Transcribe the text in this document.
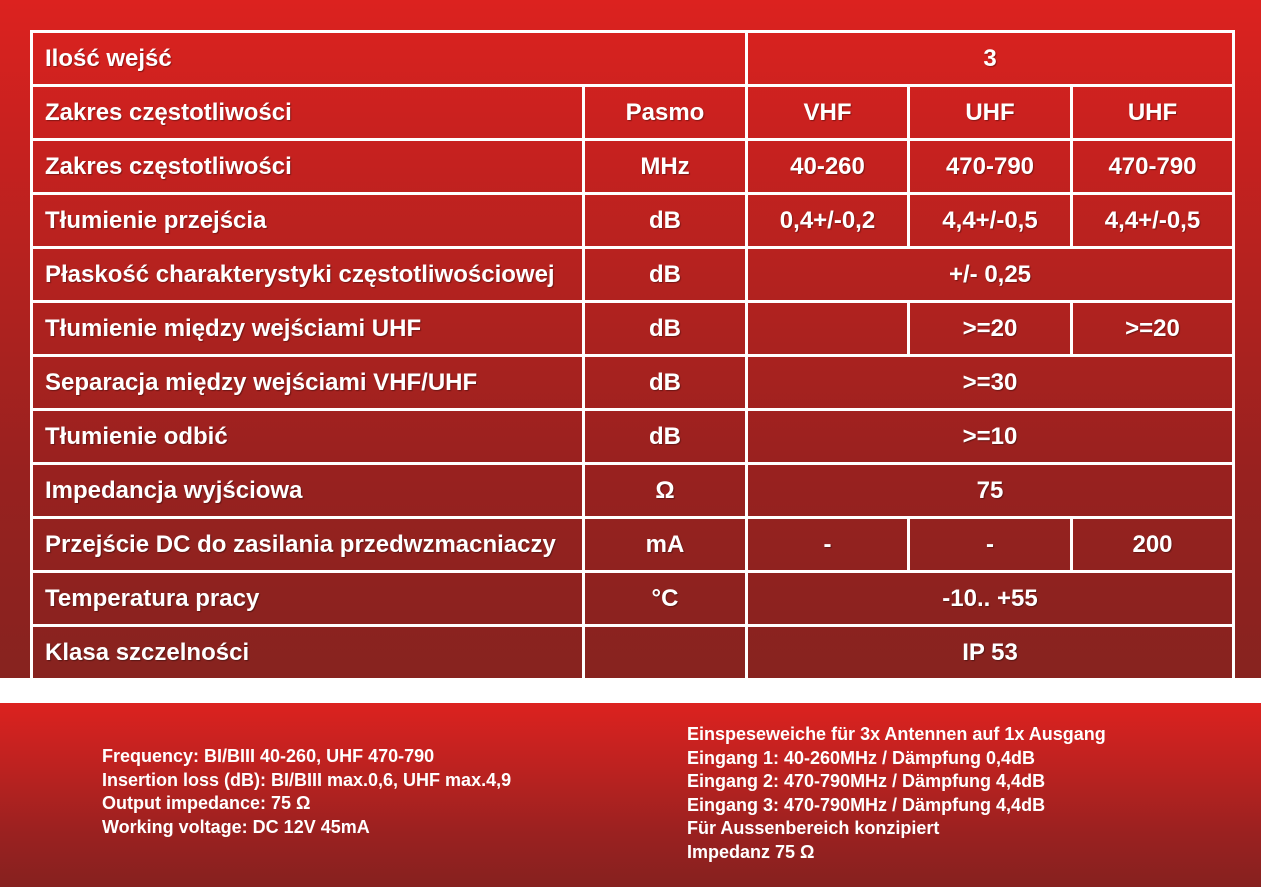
Ilość wejść		3		
Zakres częstotliwości	Pasmo	VHF	UHF	UHF
Zakres częstotliwości	MHz	40-260	470-790	470-790
Tłumienie przejścia	dB	0,4+/-0,2	4,4+/-0,5	4,4+/-0,5
Płaskość charakterystyki częstotliwościowej	dB	+/- 0,25		
Tłumienie między wejściami UHF	dB		>=20	>=20
Separacja między wejściami VHF/UHF	dB	>=30		
Tłumienie odbić	dB	>=10		
Impedancja wyjściowa	Ω	75		
Przejście DC do zasilania przedwzmacniaczy	mA	-	-	200
Temperatura pracy	°C	-10.. +55		
Klasa szczelności		IP 53		
Frequency: BI/BIII 40-260, UHF 470-790
Insertion loss (dB): BI/BIII max.0,6, UHF max.4,9
Output impedance: 75 Ω
Working voltage: DC 12V 45mA
Einspeseweiche für 3x Antennen auf 1x Ausgang
Eingang 1: 40-260MHz / Dämpfung 0,4dB
Eingang 2: 470-790MHz / Dämpfung 4,4dB
Eingang 3: 470-790MHz / Dämpfung 4,4dB
Für Aussenbereich konzipiert
Impedanz 75 Ω
